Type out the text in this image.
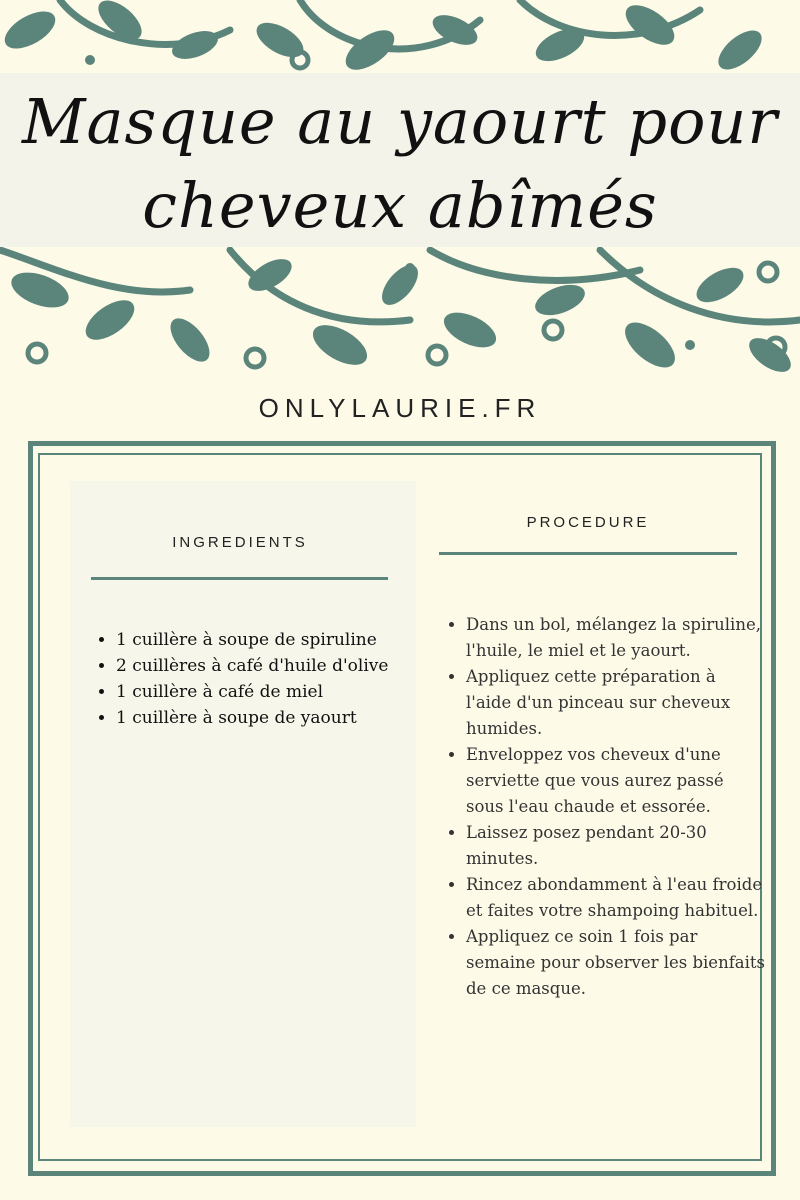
Masque au yaourt pour
cheveux abîmés
ONLYLAURIE.FR
INGREDIENTS
PROCEDURE
• 1 cuillère à soupe de spiruline
• 2 cuillères à café d'huile d'olive
• 1 cuillère à café de miel
• 1 cuillère à soupe de yaourt
• Dans un bol, mélangez la spiruline, l'huile, le miel et le yaourt.
• Appliquez cette préparation à l'aide d'un pinceau sur cheveux humides.
• Enveloppez vos cheveux d'une serviette que vous aurez passé sous l'eau chaude et essorée.
• Laissez posez pendant 20-30 minutes.
• Rincez abondamment à l'eau froide et faites votre shampoing habituel.
• Appliquez ce soin 1 fois par semaine pour observer les bienfaits de ce masque.
